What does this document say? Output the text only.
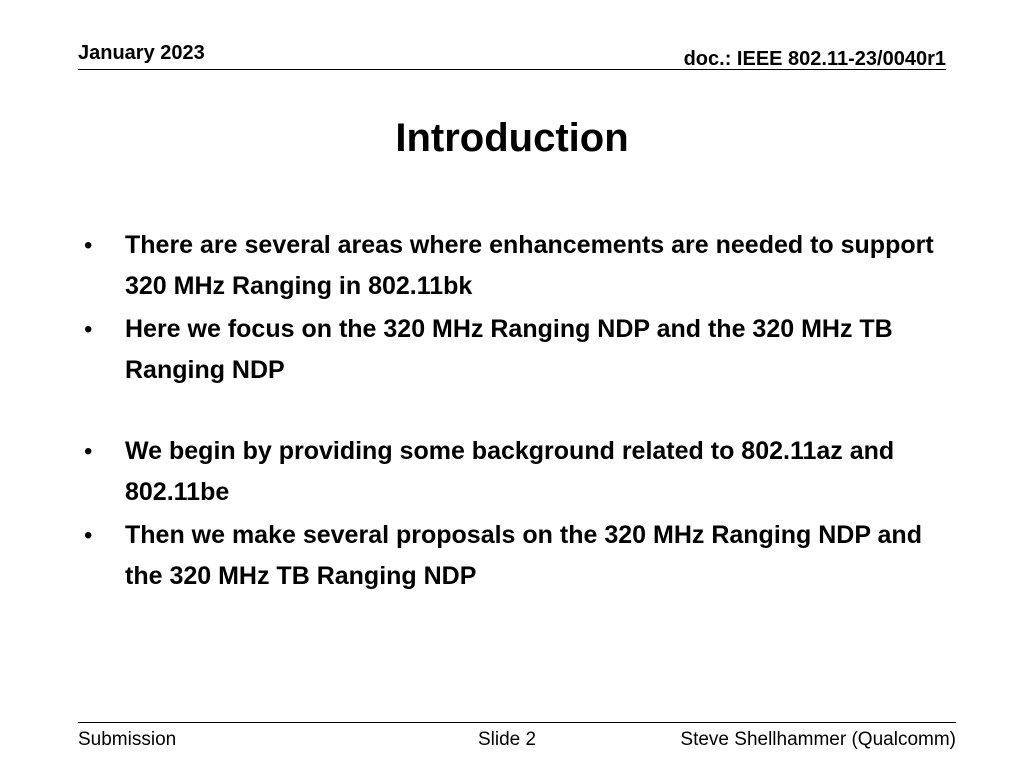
January 2023	doc.: IEEE 802.11-23/0040r1
Introduction
• There are several areas where enhancements are needed to support 320 MHz Ranging in 802.11bk
• Here we focus on the 320 MHz Ranging NDP and the 320 MHz TB Ranging NDP
• We begin by providing some background related to 802.11az and 802.11be
• Then we make several proposals on the 320 MHz Ranging NDP and the 320 MHz TB Ranging NDP
Submission	Slide 2	Steve Shellhammer (Qualcomm)
